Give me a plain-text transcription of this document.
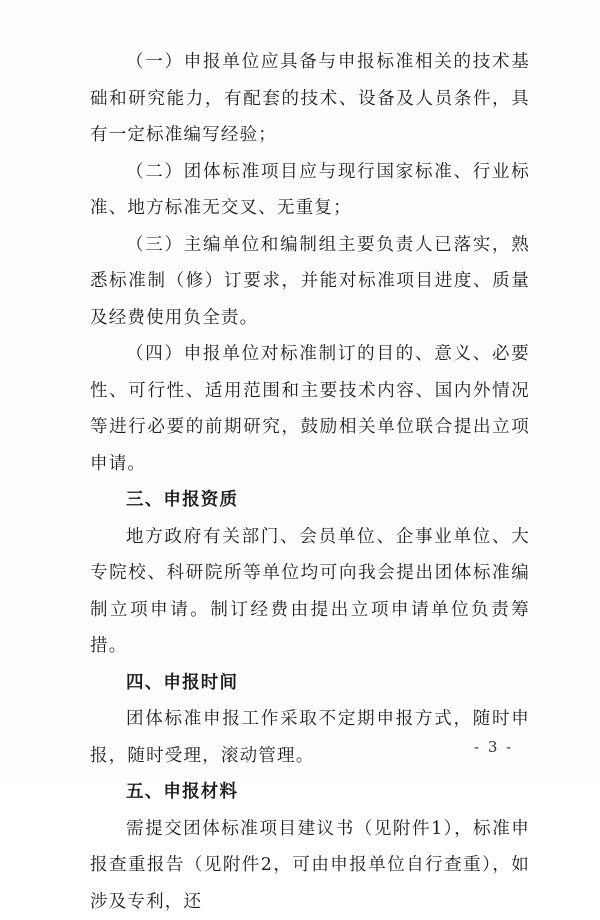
（一）申报单位应具备与申报标准相关的技术基础和研究能力，有配套的技术、设备及人员条件，具有一定标准编写经验；

（二）团体标准项目应与现行国家标准、行业标准、地方标准无交叉、无重复；

（三）主编单位和编制组主要负责人已落实，熟悉标准制（修）订要求，并能对标准项目进度、质量及经费使用负全责。

（四）申报单位对标准制订的目的、意义、必要性、可行性、适用范围和主要技术内容、国内外情况等进行必要的前期研究，鼓励相关单位联合提出立项申请。

三、申报资质

地方政府有关部门、会员单位、企事业单位、大专院校、科研院所等单位均可向我会提出团体标准编制立项申请。制订经费由提出立项申请单位负责筹措。

四、申报时间

团体标准申报工作采取不定期申报方式，随时申报，随时受理，滚动管理。

五、申报材料

需提交团体标准项目建议书（见附件1），标准申报查重报告（见附件2，可由申报单位自行查重），如涉及专利，还

- 3 -
